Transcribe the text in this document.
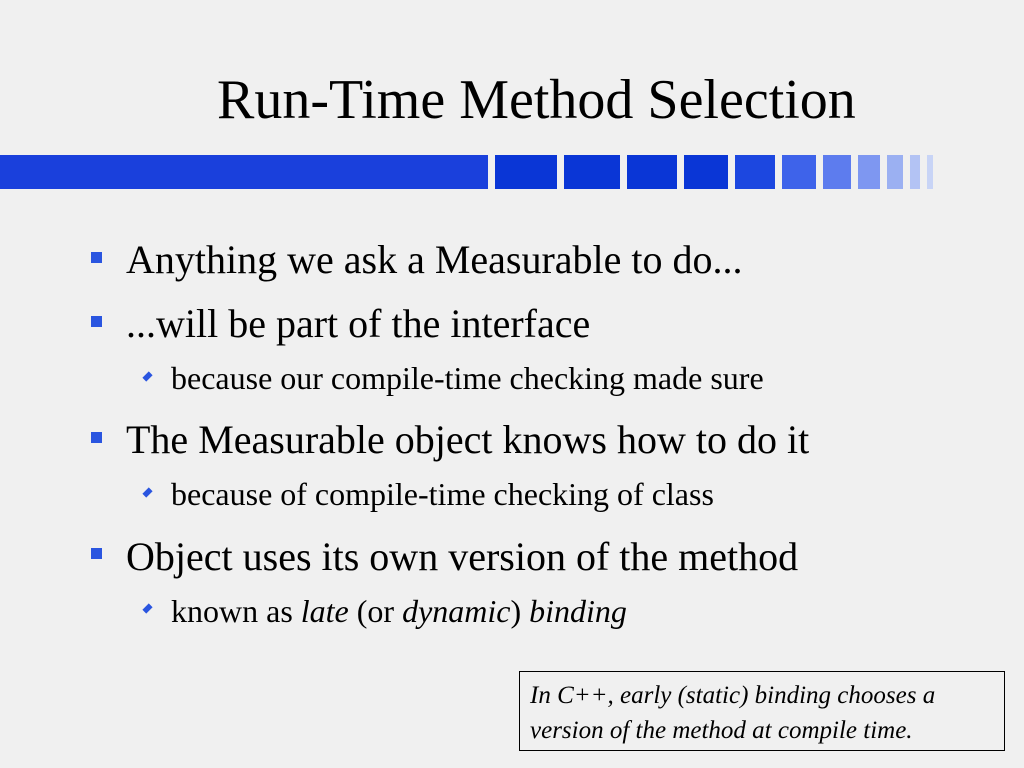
Run-Time Method Selection
Anything we ask a Measurable to do...
...will be part of the interface
because our compile-time checking made sure
The Measurable object knows how to do it
because of compile-time checking of class
Object uses its own version of the method
known as late (or dynamic) binding
In C++, early (static) binding chooses a
version of the method at compile time.
